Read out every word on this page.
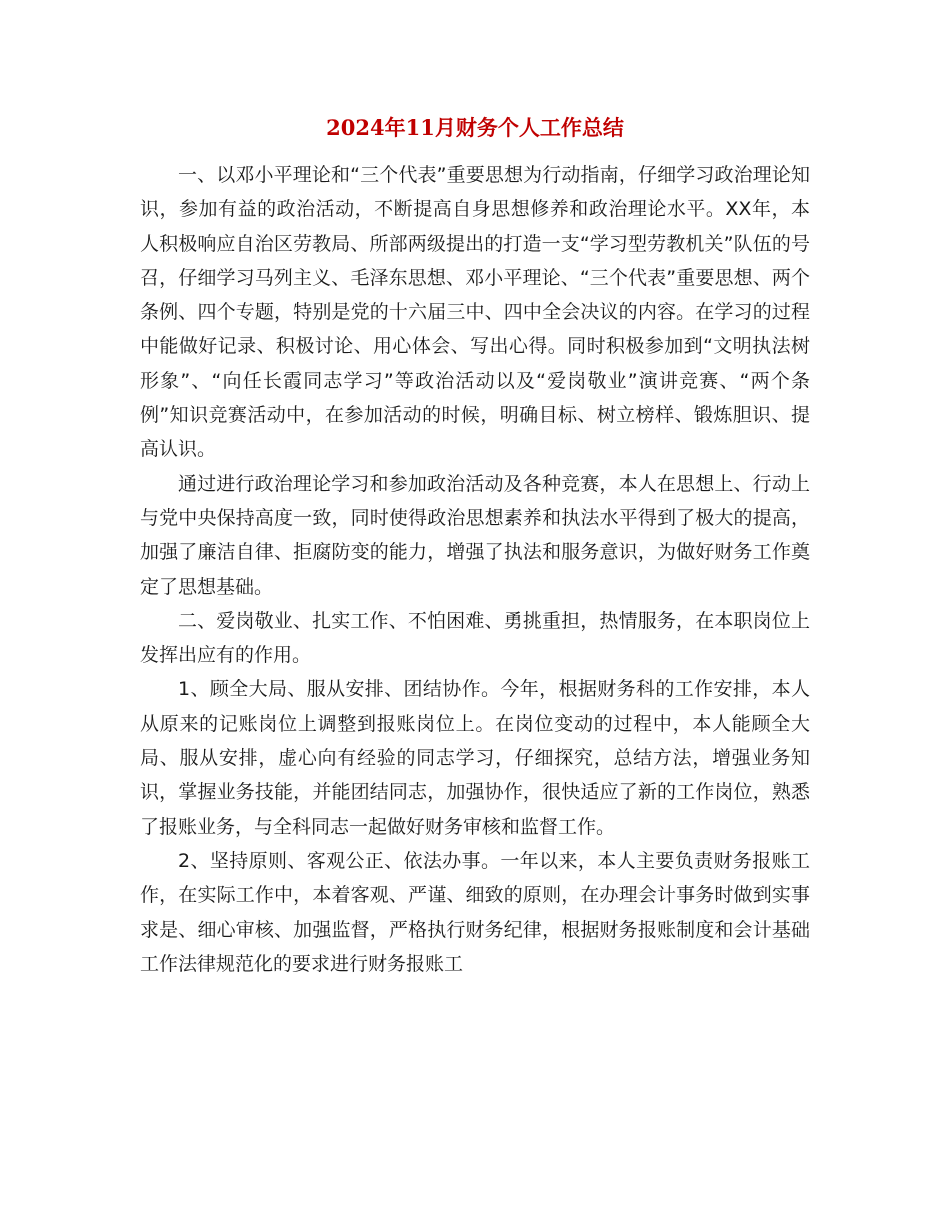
2024年11月财务个人工作总结

一、以邓小平理论和“三个代表”重要思想为行动指南，仔细学习政治理论知识，参加有益的政治活动，不断提高自身思想修养和政治理论水平。XX年，本人积极响应自治区劳教局、所部两级提出的打造一支“学习型劳教机关”队伍的号召，仔细学习马列主义、毛泽东思想、邓小平理论、“三个代表”重要思想、两个条例、四个专题，特别是党的十六届三中、四中全会决议的内容。在学习的过程中能做好记录、积极讨论、用心体会、写出心得。同时积极参加到“文明执法树形象”、“向任长霞同志学习”等政治活动以及“爱岗敬业”演讲竞赛、“两个条例”知识竞赛活动中，在参加活动的时候，明确目标、树立榜样、锻炼胆识、提高认识。

通过进行政治理论学习和参加政治活动及各种竞赛，本人在思想上、行动上与党中央保持高度一致，同时使得政治思想素养和执法水平得到了极大的提高，加强了廉洁自律、拒腐防变的能力，增强了执法和服务意识，为做好财务工作奠定了思想基础。

二、爱岗敬业、扎实工作、不怕困难、勇挑重担，热情服务，在本职岗位上发挥出应有的作用。

1、顾全大局、服从安排、团结协作。今年，根据财务科的工作安排，本人从原来的记账岗位上调整到报账岗位上。在岗位变动的过程中，本人能顾全大局、服从安排，虚心向有经验的同志学习，仔细探究，总结方法，增强业务知识，掌握业务技能，并能团结同志，加强协作，很快适应了新的工作岗位，熟悉了报账业务，与全科同志一起做好财务审核和监督工作。

2、坚持原则、客观公正、依法办事。一年以来，本人主要负责财务报账工作，在实际工作中，本着客观、严谨、细致的原则，在办理会计事务时做到实事求是、细心审核、加强监督，严格执行财务纪律，根据财务报账制度和会计基础工作法律规范化的要求进行财务报账工
